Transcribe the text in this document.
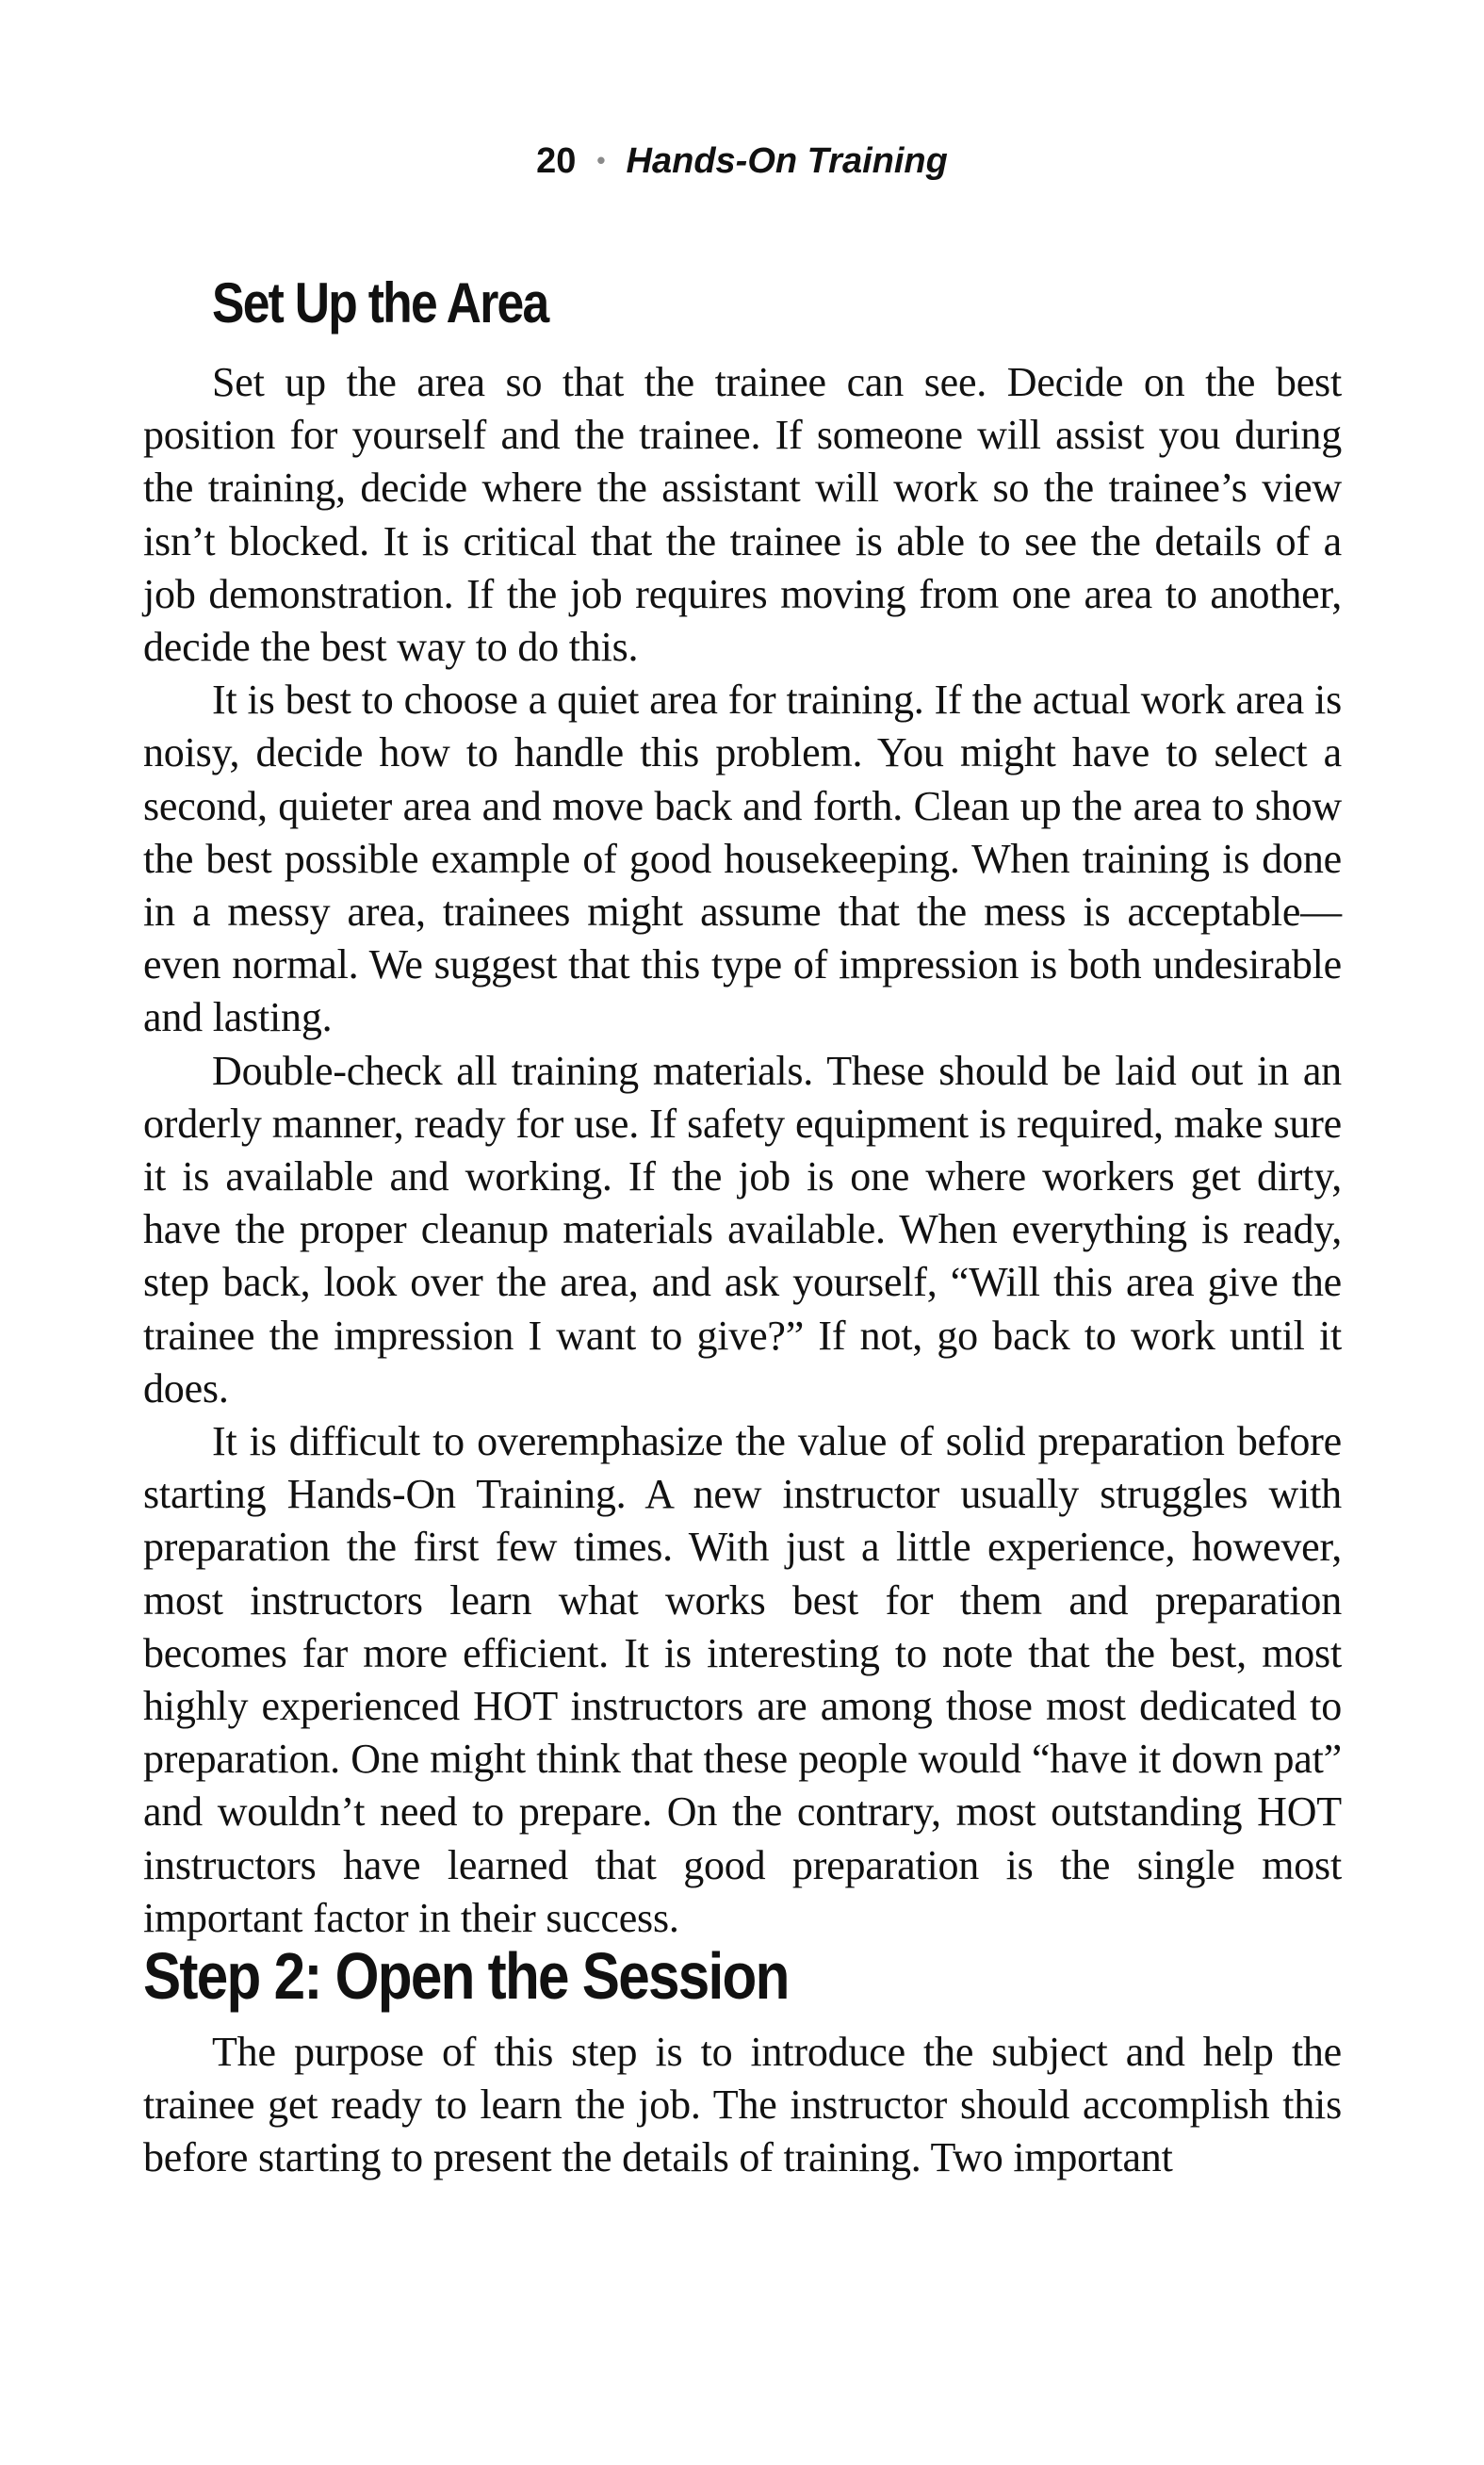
20 • Hands-On Training
Set Up the Area

Set up the area so that the trainee can see. Decide on the best position for yourself and the trainee. If someone will assist you during the training, decide where the assistant will work so the trainee’s view isn’t blocked. It is critical that the trainee is able to see the details of a job demonstration. If the job requires moving from one area to another, decide the best way to do this.

It is best to choose a quiet area for training. If the actual work area is noisy, decide how to handle this problem. You might have to select a second, quieter area and move back and forth. Clean up the area to show the best possible example of good housekeeping. When training is done in a messy area, trainees might assume that the mess is acceptable—even normal. We suggest that this type of impression is both undesirable and lasting.

Double-check all training materials. These should be laid out in an orderly manner, ready for use. If safety equipment is required, make sure it is available and working. If the job is one where workers get dirty, have the proper cleanup materials available. When everything is ready, step back, look over the area, and ask yourself, “Will this area give the trainee the impression I want to give?” If not, go back to work until it does.

It is difficult to overemphasize the value of solid preparation before starting Hands-On Training. A new instructor usually struggles with preparation the first few times. With just a little experience, however, most instructors learn what works best for them and preparation becomes far more efficient. It is interesting to note that the best, most highly experienced HOT instructors are among those most dedicated to preparation. One might think that these people would “have it down pat” and wouldn’t need to prepare. On the contrary, most outstanding HOT instructors have learned that good preparation is the single most important factor in their success.

Step 2: Open the Session

The purpose of this step is to introduce the subject and help the trainee get ready to learn the job. The instructor should accomplish this before starting to present the details of training. Two important
